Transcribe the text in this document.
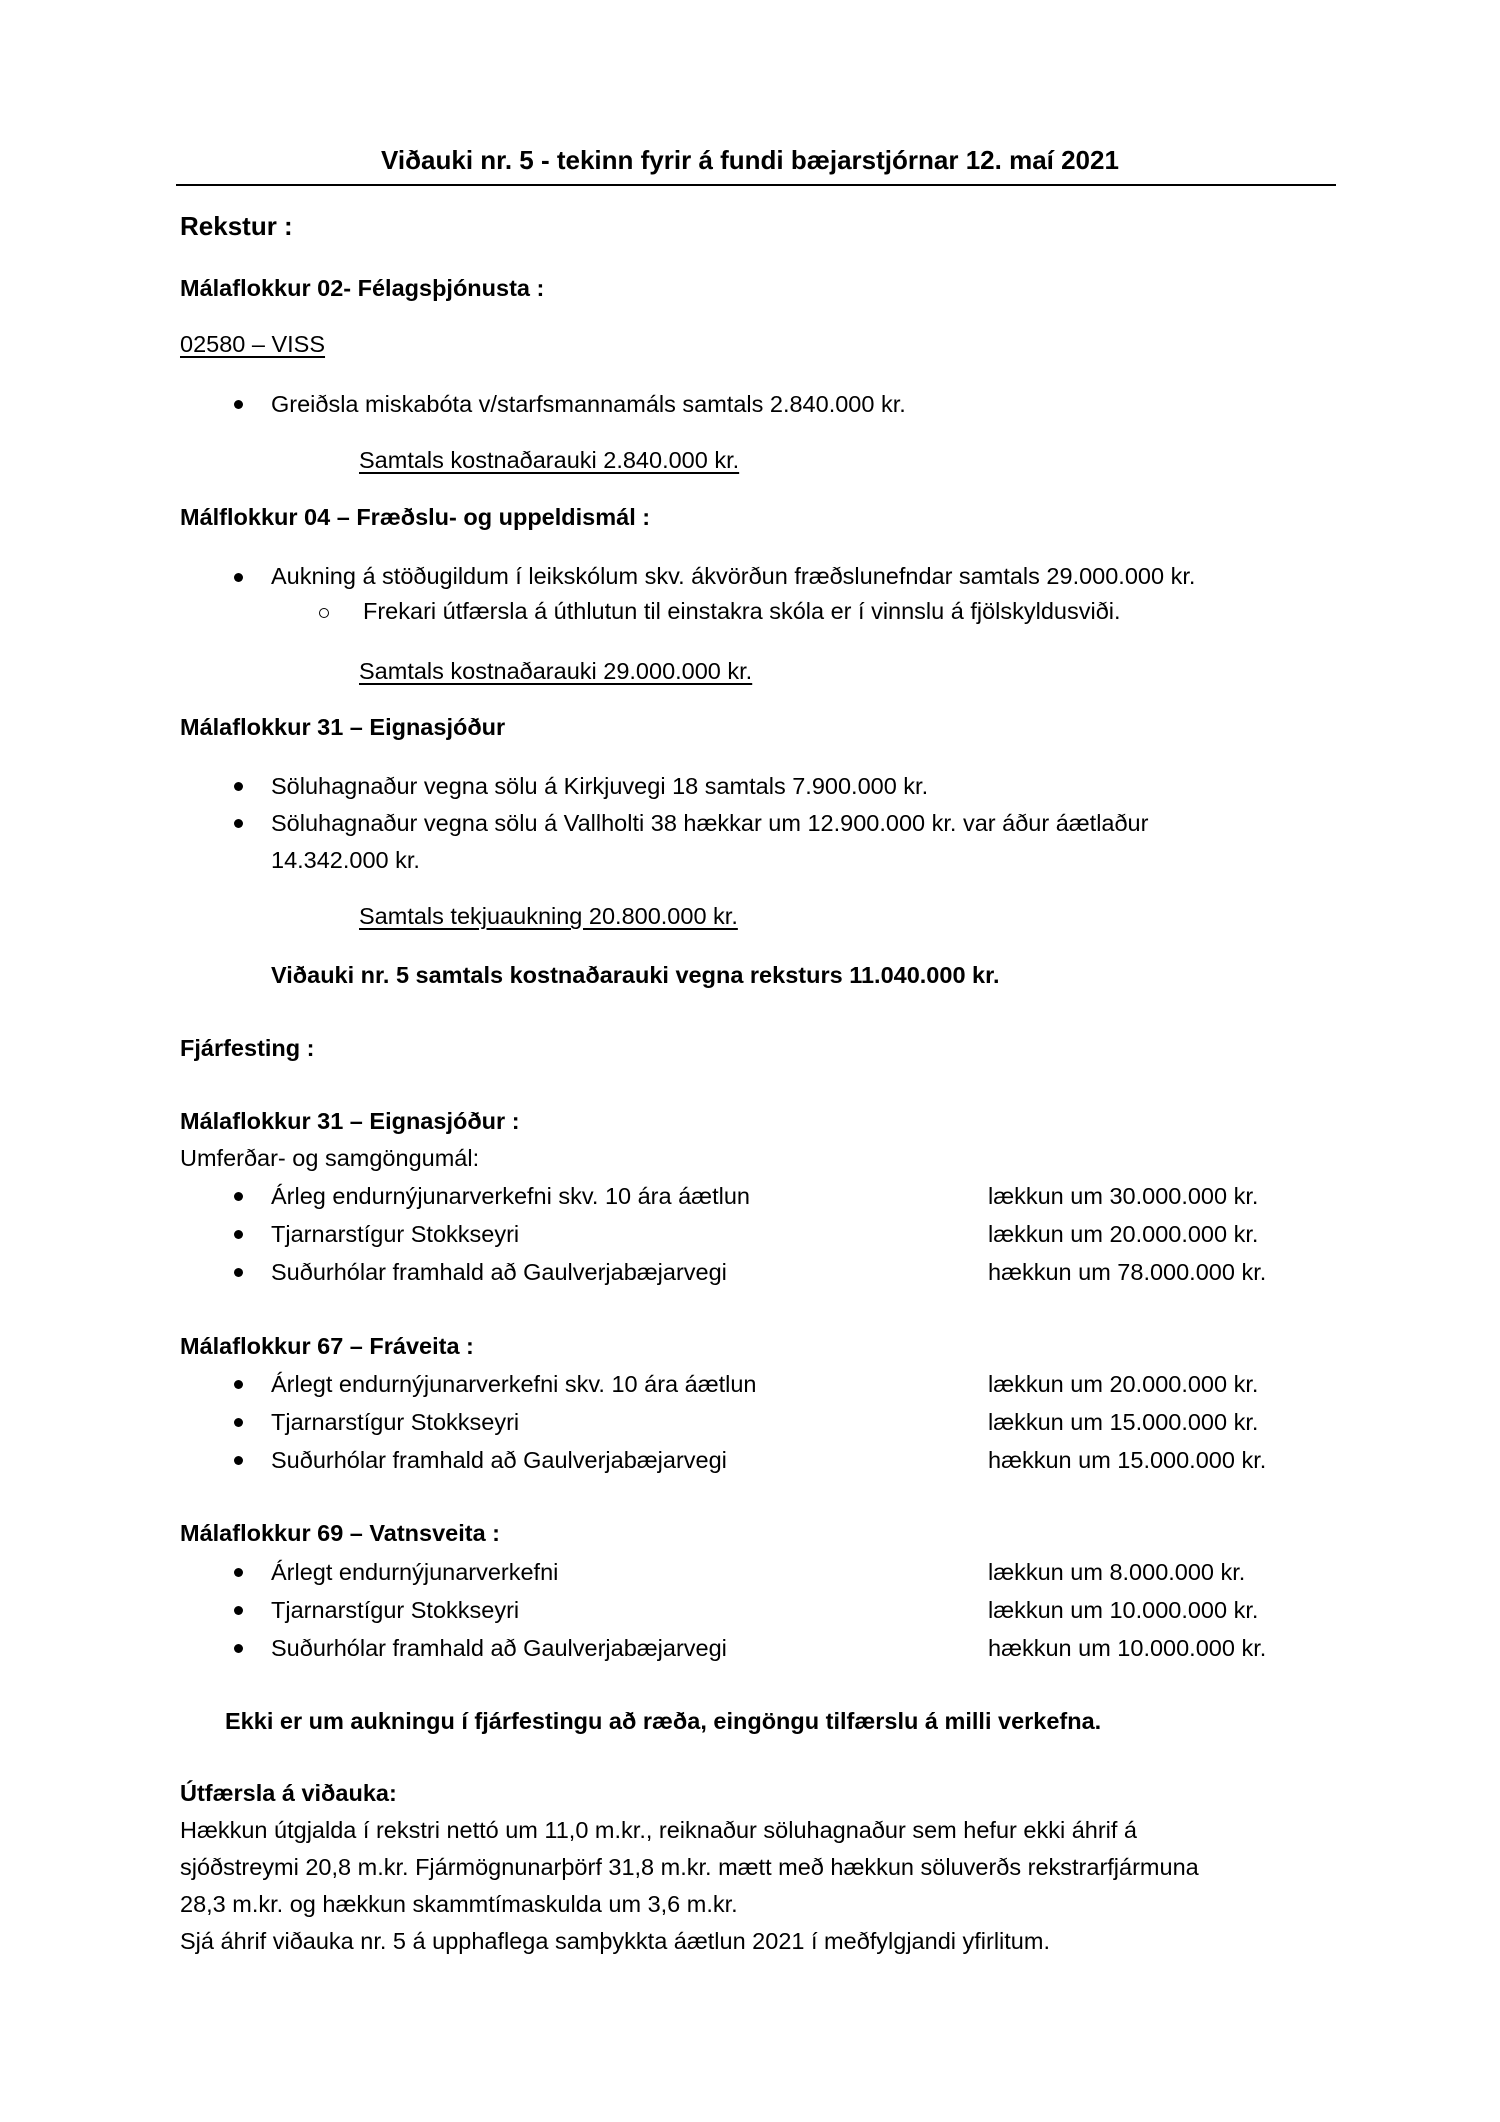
Viðauki nr. 5 - tekinn fyrir á fundi bæjarstjórnar 12. maí 2021
Rekstur :
Málaflokkur 02- Félagsþjónusta :
02580 – VISS
Greiðsla miskabóta v/starfsmannamáls samtals 2.840.000 kr.
Samtals kostnaðarauki 2.840.000 kr.
Málflokkur 04 – Fræðslu- og uppeldismál :
Aukning á stöðugildum í leikskólum skv. ákvörðun fræðslunefndar samtals 29.000.000 kr.
Frekari útfærsla á úthlutun til einstakra skóla er í vinnslu á fjölskyldusviði.
Samtals kostnaðarauki 29.000.000 kr.
Málaflokkur 31 – Eignasjóður
Söluhagnaður vegna sölu á Kirkjuvegi 18 samtals 7.900.000 kr.
Söluhagnaður vegna sölu á Vallholti 38 hækkar um 12.900.000 kr. var áður áætlaður
14.342.000 kr.
Samtals tekjuaukning 20.800.000 kr.
Viðauki nr. 5 samtals kostnaðarauki vegna reksturs 11.040.000 kr.
Fjárfesting :
Málaflokkur 31 – Eignasjóður :
Umferðar- og samgöngumál:
Árleg endurnýjunarverkefni skv. 10 ára áætlun	lækkun um 30.000.000 kr.
Tjarnarstígur Stokkseyri	lækkun um 20.000.000 kr.
Suðurhólar framhald að Gaulverjabæjarvegi	hækkun um 78.000.000 kr.
Málaflokkur 67 – Fráveita :
Árlegt endurnýjunarverkefni skv. 10 ára áætlun	lækkun um 20.000.000 kr.
Tjarnarstígur Stokkseyri	lækkun um 15.000.000 kr.
Suðurhólar framhald að Gaulverjabæjarvegi	hækkun um 15.000.000 kr.
Málaflokkur 69 – Vatnsveita :
Árlegt endurnýjunarverkefni	lækkun um 8.000.000 kr.
Tjarnarstígur Stokkseyri	lækkun um 10.000.000 kr.
Suðurhólar framhald að Gaulverjabæjarvegi	hækkun um 10.000.000 kr.
Ekki er um aukningu í fjárfestingu að ræða, eingöngu tilfærslu á milli verkefna.
Útfærsla á viðauka:
Hækkun útgjalda í rekstri nettó um 11,0 m.kr., reiknaður söluhagnaður sem hefur ekki áhrif á
sjóðstreymi 20,8 m.kr. Fjármögnunarþörf 31,8 m.kr. mætt með hækkun söluverðs rekstrarfjármuna
28,3 m.kr. og hækkun skammtímaskulda um 3,6 m.kr.
Sjá áhrif viðauka nr. 5 á upphaflega samþykkta áætlun 2021 í meðfylgjandi yfirlitum.
